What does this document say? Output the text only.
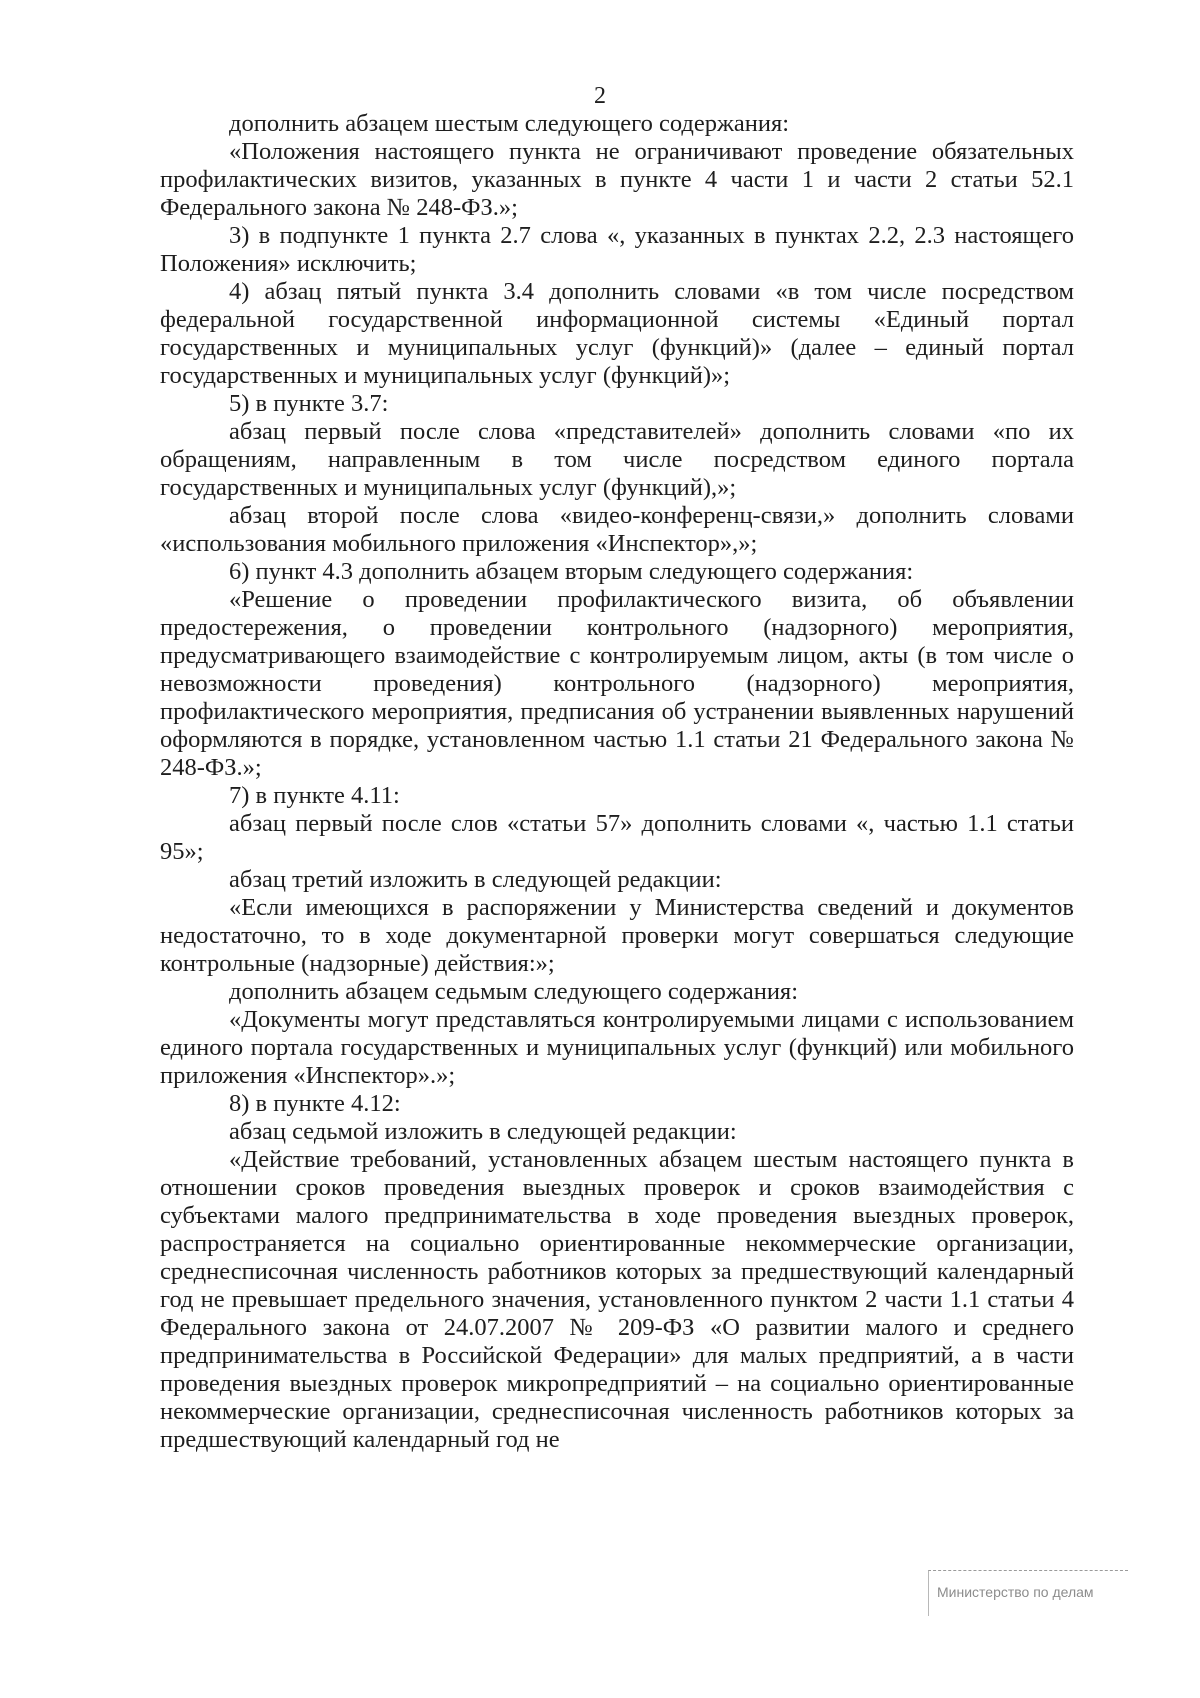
2

дополнить абзацем шестым следующего содержания:

«Положения настоящего пункта не ограничивают проведение обязательных профилактических визитов, указанных в пункте 4 части 1 и части 2 статьи 52.1 Федерального закона № 248-ФЗ.»;

3) в подпункте 1 пункта 2.7 слова «, указанных в пунктах 2.2, 2.3 настоящего Положения» исключить;

4) абзац пятый пункта 3.4 дополнить словами «в том числе посредством федеральной государственной информационной системы «Единый портал государственных и муниципальных услуг (функций)» (далее – единый портал государственных и муниципальных услуг (функций)»;

5) в пункте 3.7:

абзац первый после слова «представителей» дополнить словами «по их обращениям, направленным в том числе посредством единого портала государственных и муниципальных услуг (функций),»;

абзац второй после слова «видео-конференц-связи,» дополнить словами «использования мобильного приложения «Инспектор»,»;

6) пункт 4.3 дополнить абзацем вторым следующего содержания:

«Решение о проведении профилактического визита, об объявлении предостережения, о проведении контрольного (надзорного) мероприятия, предусматривающего взаимодействие с контролируемым лицом, акты (в том числе о невозможности проведения) контрольного (надзорного) мероприятия, профилактического мероприятия, предписания об устранении выявленных нарушений оформляются в порядке, установленном частью 1.1 статьи 21 Федерального закона № 248-ФЗ.»;

7) в пункте 4.11:

абзац первый после слов «статьи 57» дополнить словами «, частью 1.1 статьи 95»;

абзац третий изложить в следующей редакции:

«Если имеющихся в распоряжении у Министерства сведений и документов недостаточно, то в ходе документарной проверки могут совершаться следующие контрольные (надзорные) действия:»;

дополнить абзацем седьмым следующего содержания:

«Документы могут представляться контролируемыми лицами с использованием единого портала государственных и муниципальных услуг (функций) или мобильного приложения «Инспектор».»;

8) в пункте 4.12:

абзац седьмой изложить в следующей редакции:

«Действие требований, установленных абзацем шестым настоящего пункта в отношении сроков проведения выездных проверок и сроков взаимодействия с субъектами малого предпринимательства в ходе проведения выездных проверок, распространяется на социально ориентированные некоммерческие организации, среднесписочная численность работников которых за предшествующий календарный год не превышает предельного значения, установленного пунктом 2 части 1.1 статьи 4 Федерального закона от 24.07.2007 № 209-ФЗ «О развитии малого и среднего предпринимательства в Российской Федерации» для малых предприятий, а в части проведения выездных проверок микропредприятий – на социально ориентированные некоммерческие организации, среднесписочная численность работников которых за предшествующий календарный год не

Министерство по делам
